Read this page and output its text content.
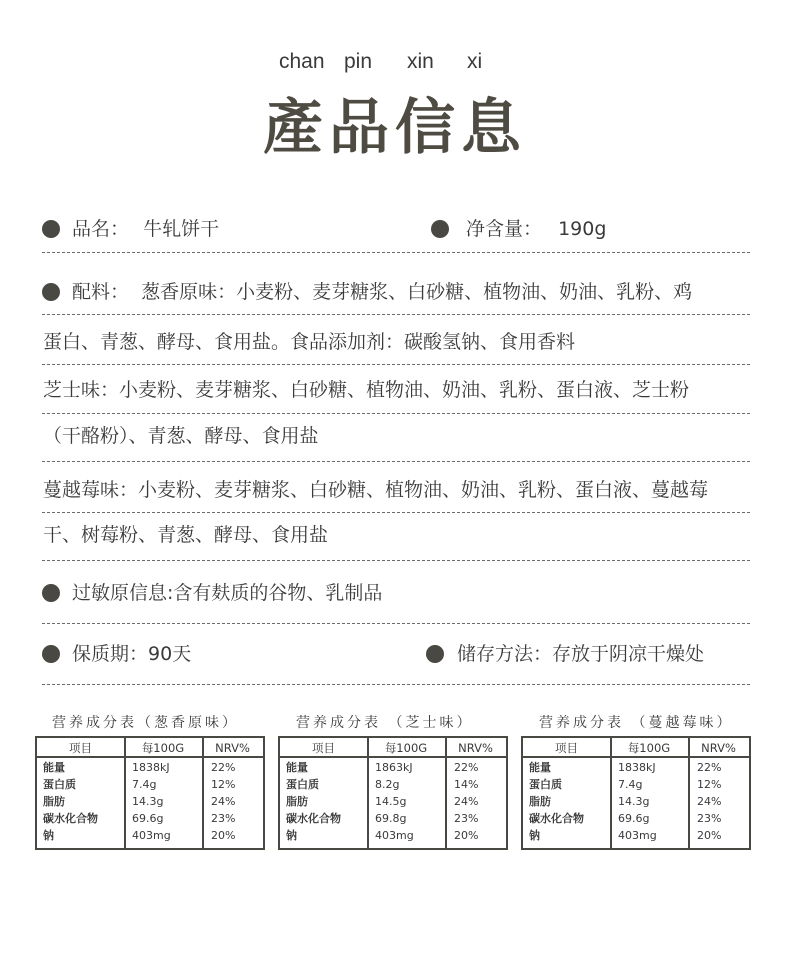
chan pin xin xi
產品信息
品名： 牛轧饼干	净含量： 190g
配料： 葱香原味：小麦粉、麦芽糖浆、白砂糖、植物油、奶油、乳粉、鸡
蛋白、青葱、酵母、食用盐。食品添加剂：碳酸氢钠、食用香料
芝士味：小麦粉、麦芽糖浆、白砂糖、植物油、奶油、乳粉、蛋白液、芝士粉
（干酪粉）、青葱、酵母、食用盐
蔓越莓味：小麦粉、麦芽糖浆、白砂糖、植物油、奶油、乳粉、蛋白液、蔓越莓
干、树莓粉、青葱、酵母、食用盐
过敏原信息:含有麸质的谷物、乳制品
保质期：90天	储存方法：存放于阴凉干燥处
营养成分表（葱香原味）
项目	每100G	NRV%
能量	1838kJ	22%
蛋白质	7.4g	12%
脂肪	14.3g	24%
碳水化合物	69.6g	23%
钠	403mg	20%
营养成分表 （芝士味）
项目	每100G	NRV%
能量	1863kJ	22%
蛋白质	8.2g	14%
脂肪	14.5g	24%
碳水化合物	69.8g	23%
钠	403mg	20%
营养成分表 （蔓越莓味）
项目	每100G	NRV%
能量	1838kJ	22%
蛋白质	7.4g	12%
脂肪	14.3g	24%
碳水化合物	69.6g	23%
钠	403mg	20%
